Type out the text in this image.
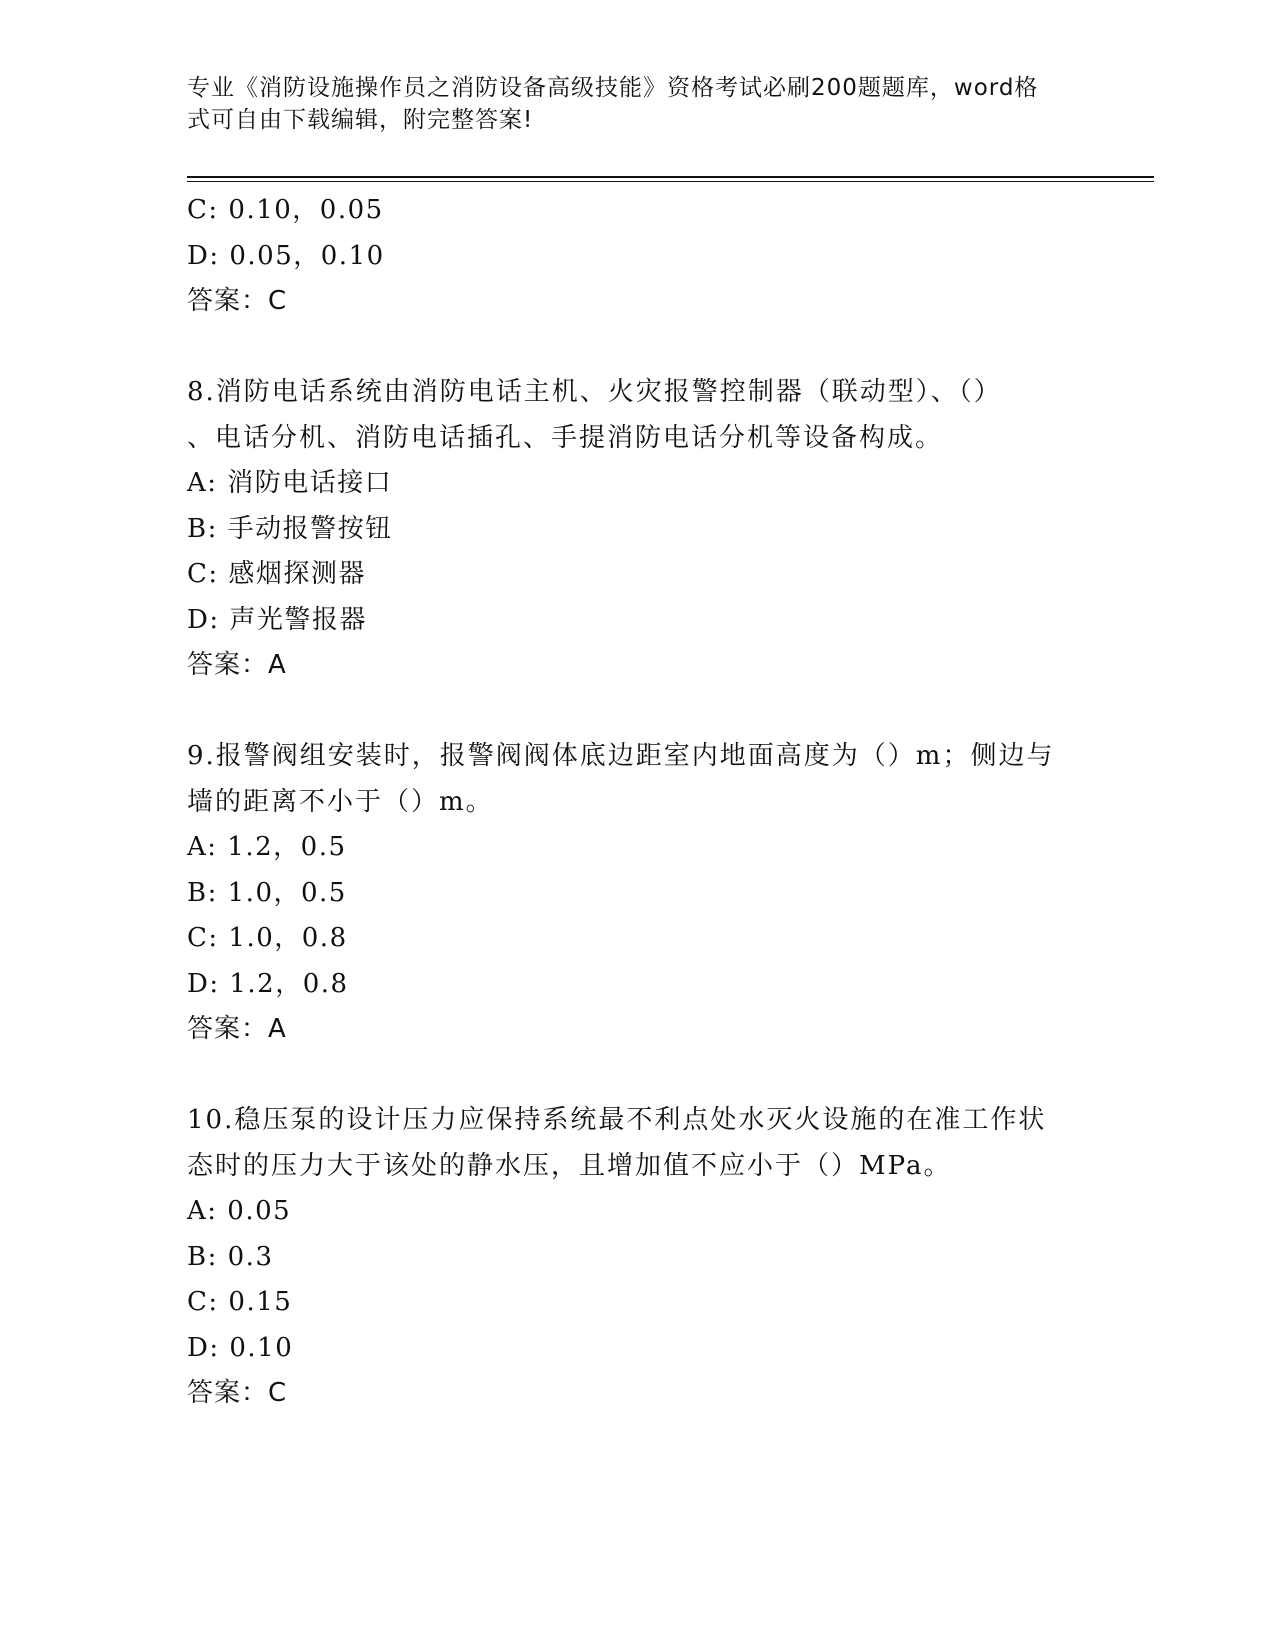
专业《消防设施操作员之消防设备高级技能》资格考试必刷200题题库，word格
式可自由下载编辑，附完整答案!
C: 0.10，0.05
D: 0.05，0.10
答案：C
8.消防电话系统由消防电话主机、火灾报警控制器（联动型）、（）
、电话分机、消防电话插孔、手提消防电话分机等设备构成。
A: 消防电话接口
B: 手动报警按钮
C: 感烟探测器
D: 声光警报器
答案：A
9.报警阀组安装时，报警阀阀体底边距室内地面高度为（）m；侧边与
墙的距离不小于（）m。
A: 1.2，0.5
B: 1.0，0.5
C: 1.0，0.8
D: 1.2，0.8
答案：A
10.稳压泵的设计压力应保持系统最不利点处水灭火设施的在准工作状
态时的压力大于该处的静水压，且增加值不应小于（）MPa。
A: 0.05
B: 0.3
C: 0.15
D: 0.10
答案：C
